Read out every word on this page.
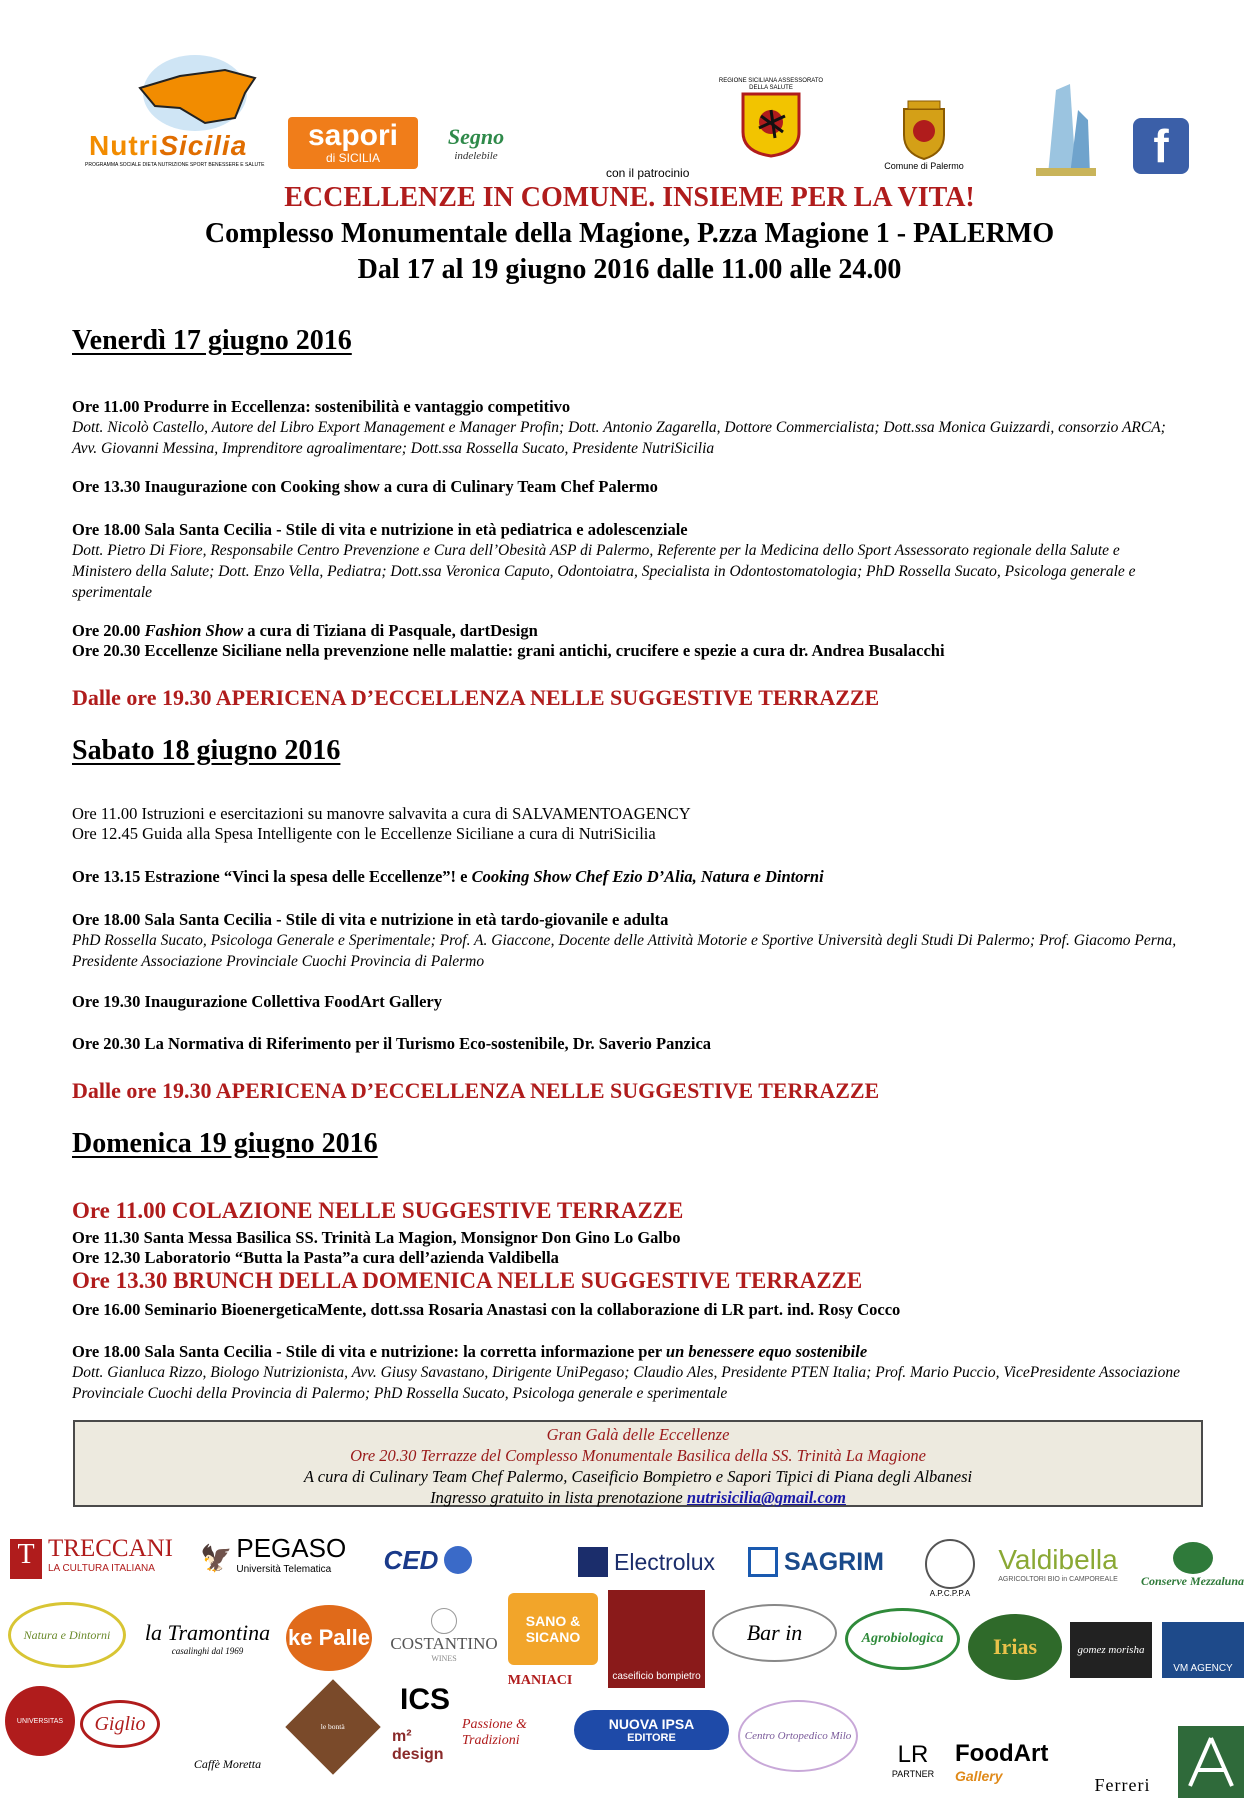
NutriSicilia
PROGRAMMA SOCIALE DIETA NUTRIZIONE SPORT BENESSERE E SALUTE
sapori
di SICILIA
Segno
indelebile
con il patrocinio
REGIONE SICILIANA ASSESSORATO DELLA SALUTE
Comune di Palermo	f
ECCELLENZE IN COMUNE. INSIEME PER LA VITA!
Complesso Monumentale della Magione, P.zza Magione 1 - PALERMO
Dal 17 al 19 giugno 2016 dalle 11.00 alle 24.00
Venerdì 17 giugno 2016
Ore 11.00 Produrre in Eccellenza: sostenibilità e vantaggio competitivo
Dott. Nicolò Castello, Autore del Libro Export Management e Manager Profin; Dott. Antonio Zagarella, Dottore Commercialista; Dott.ssa Monica Guizzardi, consorzio ARCA; Avv. Giovanni Messina, Imprenditore agroalimentare; Dott.ssa Rossella Sucato, Presidente NutriSicilia
Ore 13.30 Inaugurazione con Cooking show a cura di Culinary Team Chef Palermo
Ore 18.00 Sala Santa Cecilia - Stile di vita e nutrizione in età pediatrica e adolescenziale
Dott. Pietro Di Fiore, Responsabile Centro Prevenzione e Cura dell’Obesità ASP di Palermo, Referente per la Medicina dello Sport Assessorato regionale della Salute e Ministero della Salute; Dott. Enzo Vella, Pediatra; Dott.ssa Veronica Caputo, Odontoiatra, Specialista in Odontostomatologia; PhD Rossella Sucato, Psicologa generale e sperimentale
Ore 20.00 Fashion Show a cura di Tiziana di Pasquale, dartDesign
Ore 20.30 Eccellenze Siciliane nella prevenzione nelle malattie: grani antichi, crucifere e spezie a cura dr. Andrea Busalacchi
Dalle ore 19.30 APERICENA D’ECCELLENZA NELLE SUGGESTIVE TERRAZZE
Sabato 18 giugno 2016
Ore 11.00 Istruzioni e esercitazioni su manovre salvavita a cura di SALVAMENTOAGENCY
Ore 12.45 Guida alla Spesa Intelligente con le Eccellenze Siciliane a cura di NutriSicilia
Ore 13.15 Estrazione “Vinci la spesa delle Eccellenze”! e Cooking Show Chef Ezio D’Alia, Natura e Dintorni
Ore 18.00 Sala Santa Cecilia - Stile di vita e nutrizione in età tardo-giovanile e adulta
PhD Rossella Sucato, Psicologa Generale e Sperimentale; Prof. A. Giaccone, Docente delle Attività Motorie e Sportive Università degli Studi Di Palermo; Prof. Giacomo Perna, Presidente Associazione Provinciale Cuochi Provincia di Palermo
Ore 19.30 Inaugurazione Collettiva FoodArt Gallery
Ore 20.30 La Normativa di Riferimento per il Turismo Eco-sostenibile, Dr. Saverio Panzica
Dalle ore 19.30 APERICENA D’ECCELLENZA NELLE SUGGESTIVE TERRAZZE
Domenica 19 giugno 2016
Ore 11.00 COLAZIONE NELLE SUGGESTIVE TERRAZZE
Ore 11.30 Santa Messa Basilica SS. Trinità La Magion, Monsignor Don Gino Lo Galbo
Ore 12.30 Laboratorio “Butta la Pasta”a cura dell’azienda Valdibella
Ore 13.30 BRUNCH DELLA DOMENICA NELLE SUGGESTIVE TERRAZZE
Ore 16.00 Seminario BioenergeticaMente, dott.ssa Rosaria Anastasi con la collaborazione di LR part. ind. Rosy Cocco
Ore 18.00 Sala Santa Cecilia - Stile di vita e nutrizione: la corretta informazione per un benessere equo sostenibile
Dott. Gianluca Rizzo, Biologo Nutrizionista, Avv. Giusy Savastano, Dirigente UniPegaso; Claudio Ales, Presidente PTEN Italia; Prof. Mario Puccio, VicePresidente Associazione Provinciale Cuochi della Provincia di Palermo; PhD Rossella Sucato, Psicologa generale e sperimentale
Gran Galà delle Eccellenze
Ore 20.30 Terrazze del Complesso Monumentale Basilica della SS. Trinità La Magione
A cura di Culinary Team Chef Palermo, Caseificio Bompietro e Sapori Tipici di Piana degli Albanesi
Ingresso gratuito in lista prenotazione nutrisicilia@gmail.com
T TRECCANI
LA CULTURA ITALIANA	🦅 PEGASO
Università Telematica	CED	Electrolux	SAGRIM
A.P.C.P.P.A
Valdibella
AGRICOLTORI BIO in CAMPOREALE Conserve Mezzaluna
Natura e Dintorni la Tramontina
casalinghi dal 1969
ke Palle COSTANTINO
WINES
SANO & SICANO
caseificio bompietro
Bar in	Agrobiologica Irias	gomez morisha
VM AGENCY
UNIVERSITAS Giglio
Caffè Moretta
le bontà
ICS
m² design
MANIACI
Passione & Tradizioni
NUOVA IPSA
EDITORE	Centro Ortopedico Milo
LR
PARTNER
FoodArt
Gallery	Ferreri
